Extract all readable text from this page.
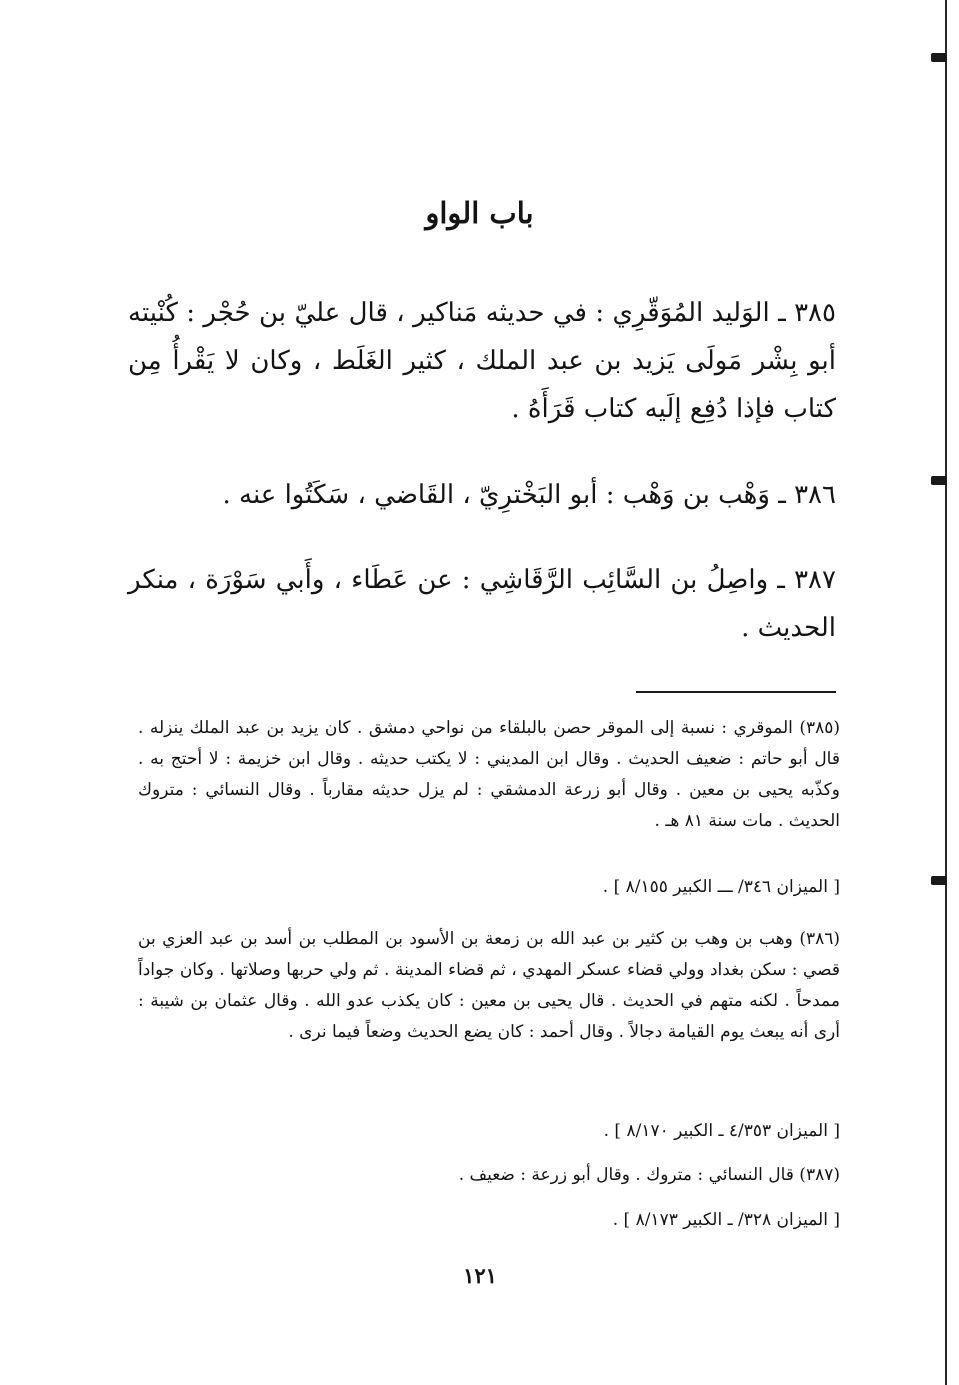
باب الواو
٣٨٥ ـ الوَليد المُوَقّرِي : في حديثه مَناكير ، قال عليّ بن حُجْر : كُنْيته أبو بِشْر مَولَى يَزيد بن عبد الملك ، كثير الغَلَط ، وكان لا يَقْرأُ مِن كتاب فإذا دُفِع إلَيه كتاب قَرَأَهُ .
٣٨٦ ـ وَهْب بن وَهْب : أبو البَخْترِيّ ، القَاضي ، سَكَتُوا عنه .
٣٨٧ ـ واصِلُ بن السَّائِب الرَّقَاشِي : عن عَطَاء ، وأَبي سَوْرَة ، منكر الحديث .
(٣٨٥) الموقري : نسبة إلى الموقر حصن بالبلقاء من نواحي دمشق . كان يزيد بن عبد الملك ينزله . قال أبو حاتم : ضعيف الحديث . وقال ابن المديني : لا يكتب حديثه . وقال ابن خزيمة : لا أحتج به . وكذّبه يحيى بن معين . وقال أبو زرعة الدمشقي : لم يزل حديثه مقارباً . وقال النسائي : متروك الحديث . مات سنة ٨١ هـ .
[ الميزان ٣٤٦/ ـــ الكبير ٨/١٥٥ ] .
(٣٨٦) وهب بن وهب بن كثير بن عبد الله بن زمعة بن الأسود بن المطلب بن أسد بن عبد العزي بن قصي : سكن بغداد وولي قضاء عسكر المهدي ، ثم قضاء المدينة . ثم ولي حربها وصلاتها . وكان جواداً ممدحاً . لكنه متهم في الحديث . قال يحيى بن معين : كان يكذب عدو الله . وقال عثمان بن شيبة : أرى أنه يبعث يوم القيامة دجالاً . وقال أحمد : كان يضع الحديث وضعاً فيما نرى .
[ الميزان ٤/٣٥٣ ـ الكبير ٨/١٧٠ ] .
(٣٨٧) قال النسائي : متروك . وقال أبو زرعة : ضعيف .
[ الميزان ٣٢٨/ ـ الكبير ٨/١٧٣ ] .
١٢١
